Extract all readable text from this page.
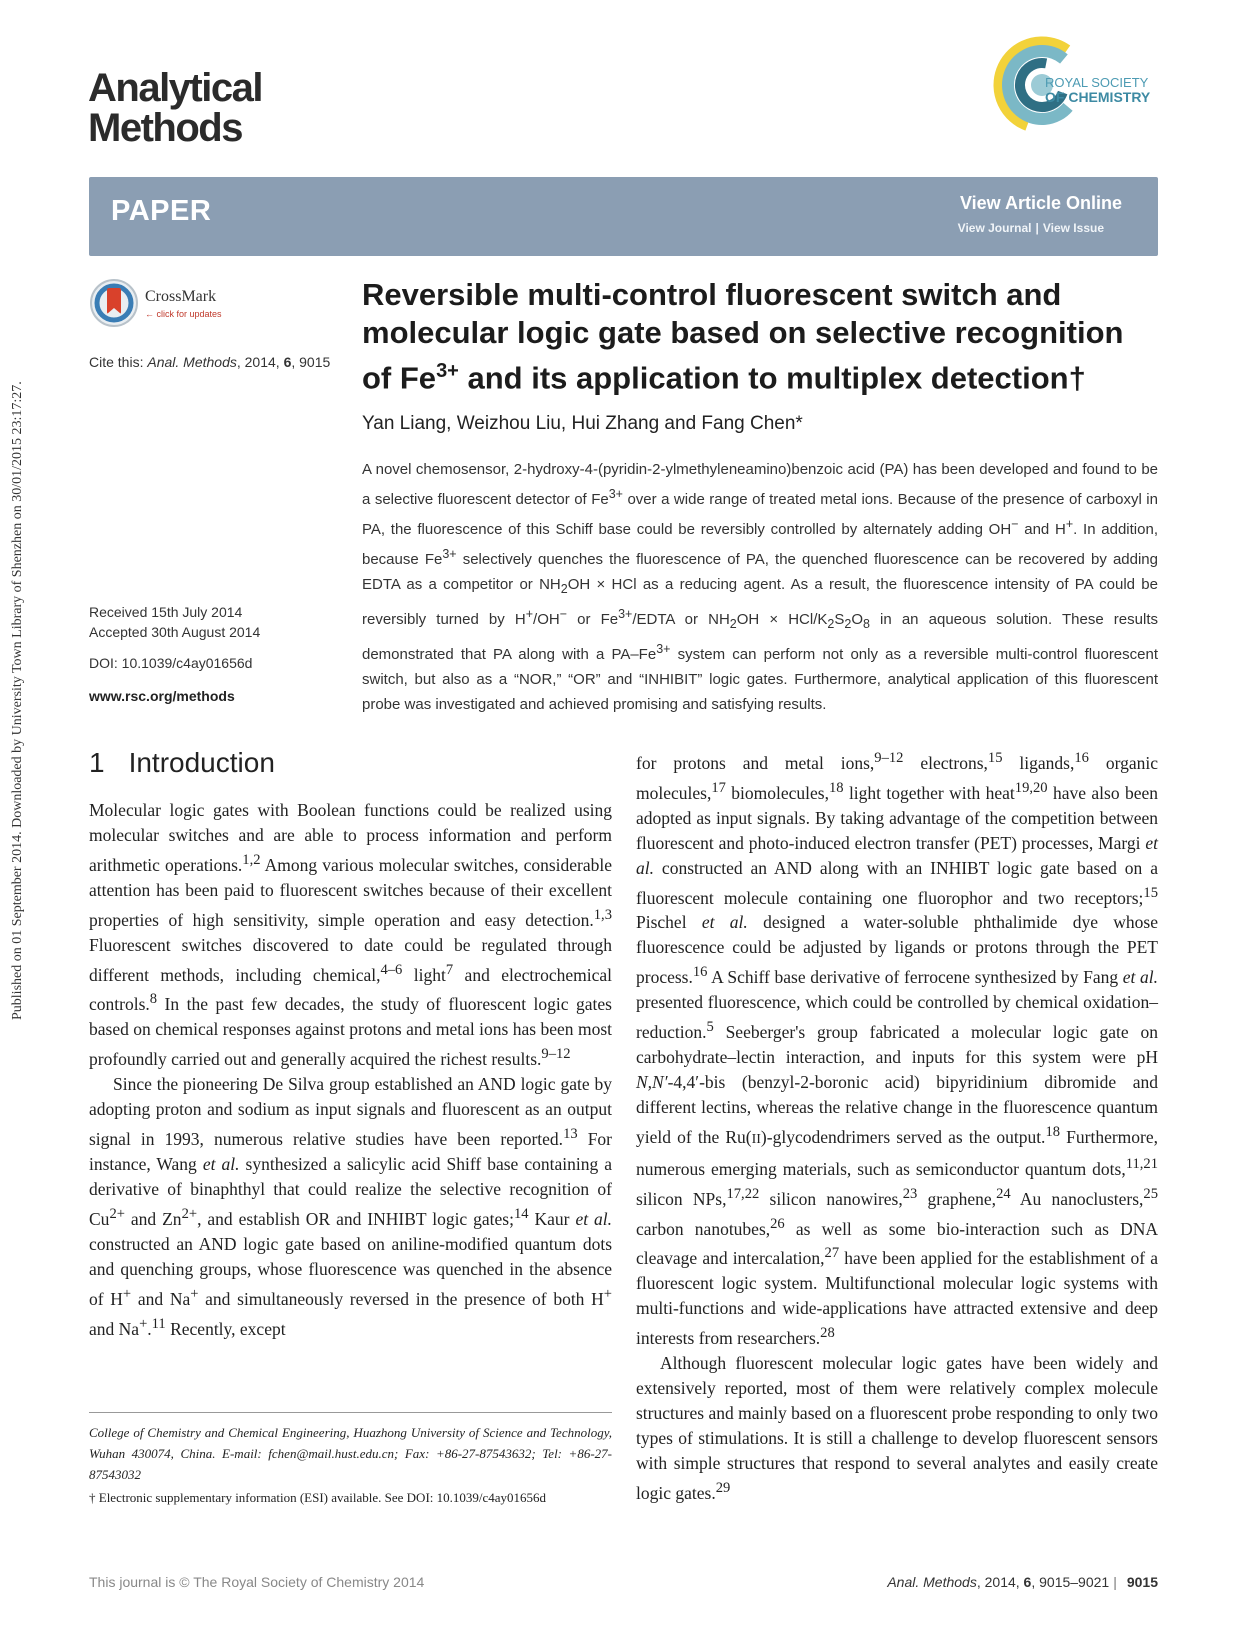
Published on 01 September 2014. Downloaded by University Town Library of Shenzhen on 30/01/2015 23:17:27.
Analytical
Methods
ROYAL SOCIETY
OF CHEMISTRY
PAPER	View Article Online
View Journal | View Issue
CrossMark
← click for updates
Cite this: Anal. Methods, 2014, 6, 9015
Received 15th July 2014
Accepted 30th August 2014
DOI: 10.1039/c4ay01656d
www.rsc.org/methods
Reversible multi-control fluorescent switch and
molecular logic gate based on selective recognition
of $Fe^{3+}$ and its application to multiplex detection†
Yan Liang, Weizhou Liu, Hui Zhang and Fang Chen*
A novel chemosensor, 2-hydroxy-4-(pyridin-2-ylmethyleneamino)benzoic acid (PA) has been developed and found to be a selective fluorescent detector of $Fe^{3+}$ over a wide range of treated metal ions. Because of the presence of carboxyl in PA, the fluorescence of this Schiff base could be reversibly controlled by alternately adding OH− and H+. In addition, because $Fe^{3+}$ selectively quenches the fluorescence of PA, the quenched fluorescence can be recovered by adding EDTA as a competitor or $NH_2OH$ × HCl as a reducing agent. As a result, the fluorescence intensity of PA could be reversibly turned by H+/OH− or $Fe^{3+}$/EDTA or $NH_2OH \times HCl/K_2S_2O_8$ in an aqueous solution. These results demonstrated that PA along with a $PA-Fe^{3+}$ system can perform not only as a reversible multi-control fluorescent switch, but also as a “NOR,” “OR” and “INHIBIT” logic gates. Furthermore, analytical application of this fluorescent probe was investigated and achieved promising and satisfying results.
1 Introduction

Molecular logic gates with Boolean functions could be realized using molecular switches and are able to process information and perform arithmetic operations.$^{1,2}$ Among various molecular switches, considerable attention has been paid to fluorescent switches because of their excellent properties of high sensitivity, simple operation and easy detection.$^{1,3}$ Fluorescent switches discovered to date could be regulated through different methods, including chemical,$^{4-6}$ light$^7$ and electrochemical controls.$^8$ In the past few decades, the study of fluorescent logic gates based on chemical responses against protons and metal ions has been most profoundly carried out and generally acquired the richest results.$^{9-12}$

Since the pioneering De Silva group established an AND logic gate by adopting proton and sodium as input signals and fluorescent as an output signal in 1993, numerous relative studies have been reported.$^{13}$ For instance, Wang et al. synthesized a salicylic acid Shiff base containing a derivative of binaphthyl that could realize the selective recognition of $Cu^{2+}$ and $Zn^{2+}$, and establish OR and INHIBT logic gates;$^{14}$ Kaur et al. constructed an AND logic gate based on aniline-modified quantum dots and quenching groups, whose fluorescence was quenched in the absence of H+ and Na+ and simultaneously reversed in the presence of both H+ and Na+.$^{11}$ Recently, except

for protons and metal ions,$^{9-12}$ electrons,$^{15}$ ligands,$^{16}$ organic molecules,$^{17}$ biomolecules,$^{18}$ light together with heat$^{19,20}$ have also been adopted as input signals. By taking advantage of the competition between fluorescent and photo-induced electron transfer (PET) processes, Margi et al. constructed an AND along with an INHIBT logic gate based on a fluorescent molecule containing one fluorophor and two receptors;$^{15}$ Pischel et al. designed a water-soluble phthalimide dye whose fluorescence could be adjusted by ligands or protons through the PET process.$^{16}$ A Schiff base derivative of ferrocene synthesized by Fang et al. presented fluorescence, which could be controlled by chemical oxidation–reduction.$^5$ Seeberger's group fabricated a molecular logic gate on carbohydrate–lectin interaction, and inputs for this system were pH N,N′-4,4′-bis (benzyl-2-boronic acid) bipyridinium dibromide and different lectins, whereas the relative change in the fluorescence quantum yield of the Ru(II)-glycodendrimers served as the output.$^{18}$ Furthermore, numerous emerging materials, such as semiconductor quantum dots,$^{11,21}$ silicon NPs,$^{17,22}$ silicon nanowires,$^{23}$ graphene,$^{24}$ Au nanoclusters,$^{25}$ carbon nanotubes,$^{26}$ as well as some bio-interaction such as DNA cleavage and intercalation,$^{27}$ have been applied for the establishment of a fluorescent logic system. Multifunctional molecular logic systems with multi-functions and wide-applications have attracted extensive and deep interests from researchers.$^{28}$

Although fluorescent molecular logic gates have been widely and extensively reported, most of them were relatively complex molecule structures and mainly based on a fluorescent probe responding to only two types of stimulations. It is still a challenge to develop fluorescent sensors with simple structures that respond to several analytes and easily create logic gates.$^{29}$

College of Chemistry and Chemical Engineering, Huazhong University of Science and Technology, Wuhan 430074, China. E-mail: fchen@mail.hust.edu.cn; Fax: +86-27-87543632; Tel: +86-27-87543032

† Electronic supplementary information (ESI) available. See DOI: 10.1039/c4ay01656d

This journal is © The Royal Society of Chemistry 2014	Anal. Methods, 2014, 6, 9015–9021 | 9015
